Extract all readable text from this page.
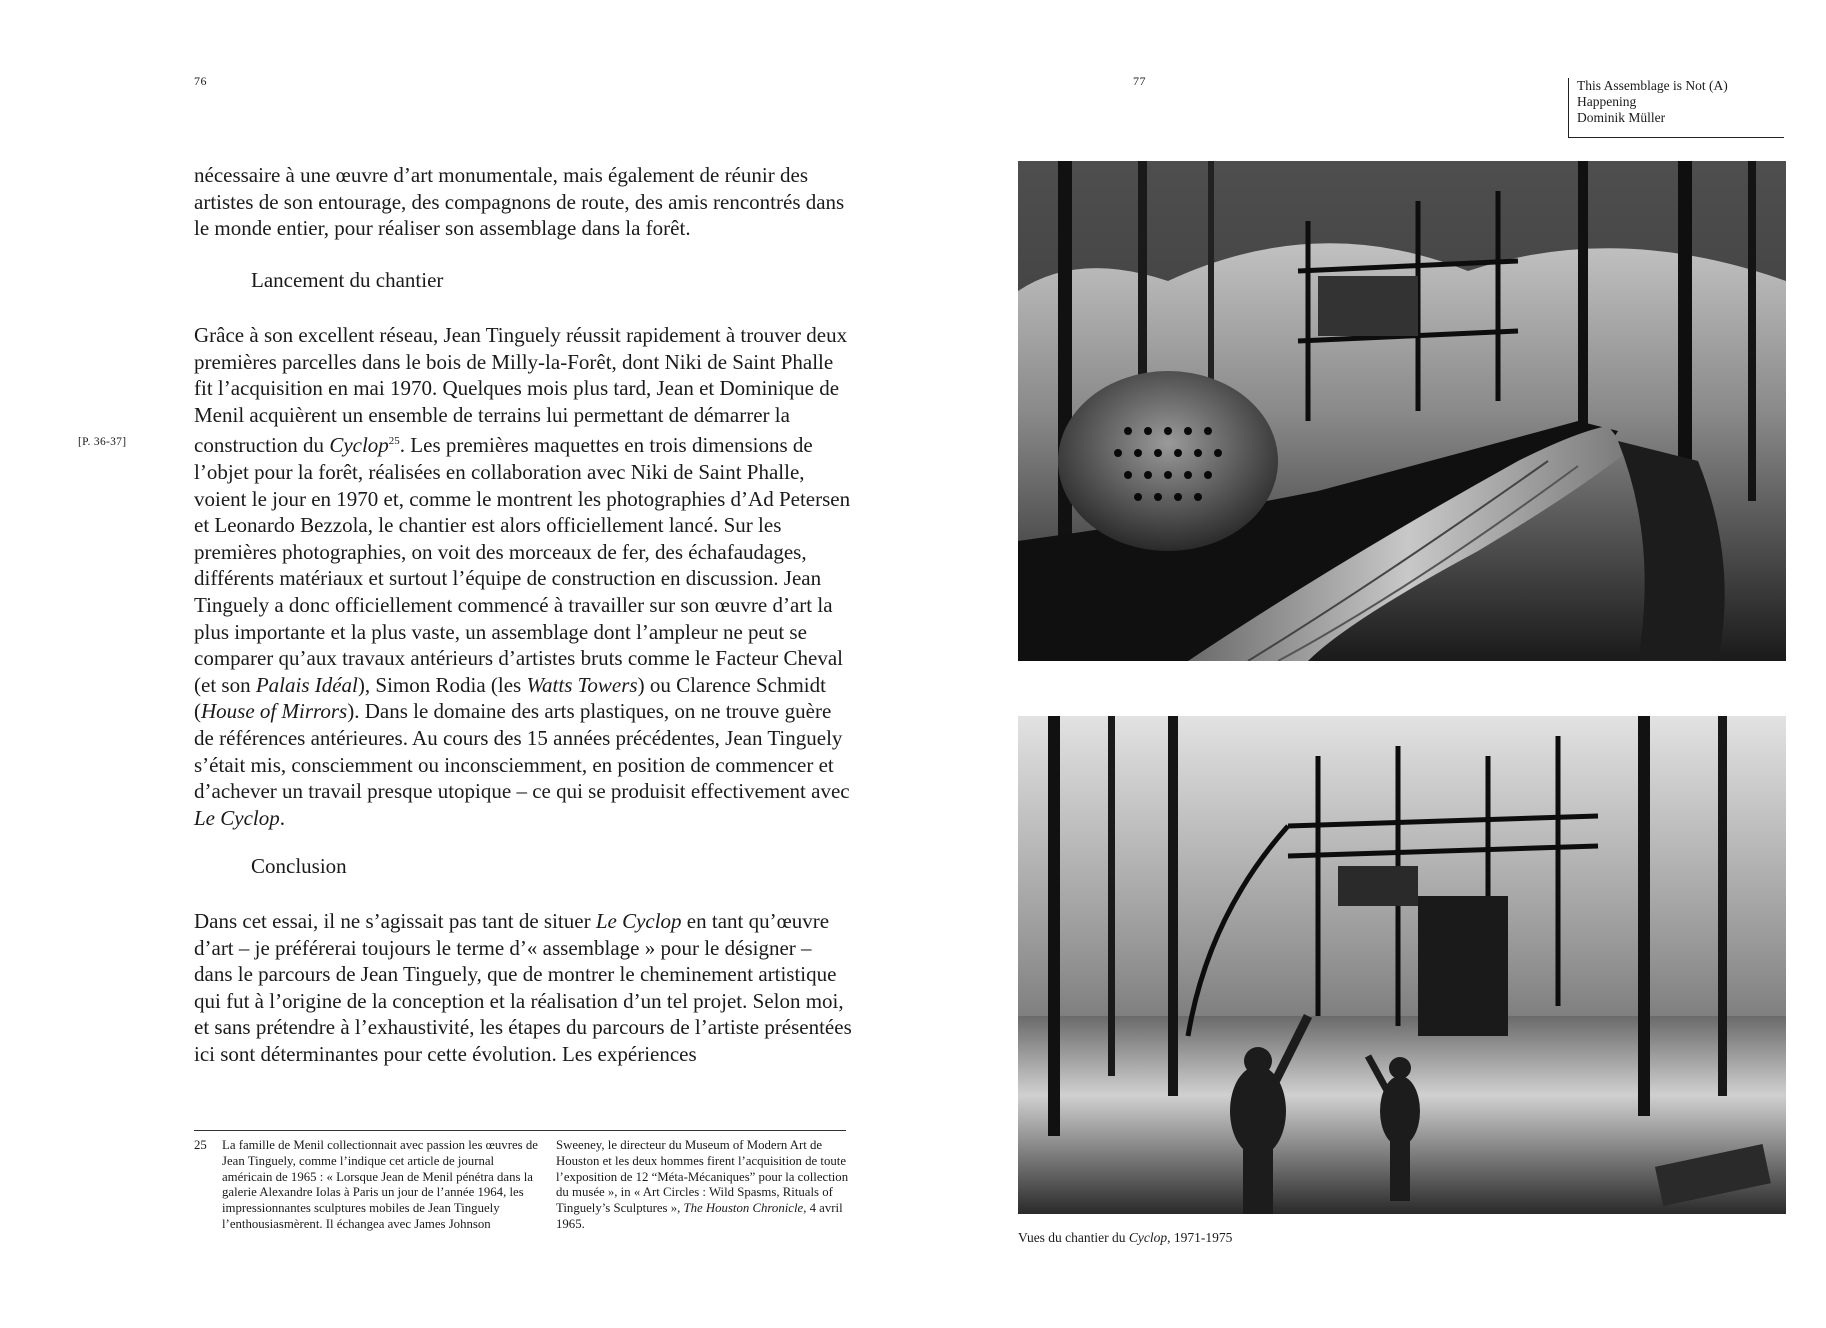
76
[P. 36-37]

nécessaire à une œuvre d’art monumentale, mais également de réunir des artistes de son entourage, des compagnons de route, des amis rencontrés dans le monde entier, pour réaliser son assemblage dans la forêt.

Lancement du chantier

Grâce à son excellent réseau, Jean Tinguely réussit rapidement à trouver deux premières parcelles dans le bois de Milly-la-Forêt, dont Niki de Saint Phalle fit l’acquisition en mai 1970. Quelques mois plus tard, Jean et Dominique de Menil acquièrent un ensemble de terrains lui permettant de démarrer la construction du Cyclop$^{25}$. Les premières maquettes en trois dimensions de l’objet pour la forêt, réalisées en collaboration avec Niki de Saint Phalle, voient le jour en 1970 et, comme le montrent les photographies d’Ad Petersen et Leonardo Bezzola, le chantier est alors officiellement lancé. Sur les premières photographies, on voit des morceaux de fer, des échafaudages, différents matériaux et surtout l’équipe de construction en discussion. Jean Tinguely a donc officiellement commencé à travailler sur son œuvre d’art la plus importante et la plus vaste, un assemblage dont l’ampleur ne peut se comparer qu’aux travaux antérieurs d’artistes bruts comme le Facteur Cheval (et son Palais Idéal), Simon Rodia (les Watts Towers) ou Clarence Schmidt (House of Mirrors). Dans le domaine des arts plastiques, on ne trouve guère de références antérieures. Au cours des 15 années précédentes, Jean Tinguely s’était mis, consciemment ou inconsciemment, en position de commencer et d’achever un travail presque utopique – ce qui se produisit effectivement avec Le Cyclop.

Conclusion

Dans cet essai, il ne s’agissait pas tant de situer Le Cyclop en tant qu’œuvre d’art – je préférerai toujours le terme d’« assemblage » pour le désigner – dans le parcours de Jean Tinguely, que de montrer le cheminement artistique qui fut à l’origine de la conception et la réalisation d’un tel projet. Selon moi, et sans prétendre à l’exhaustivité, les étapes du parcours de l’artiste présentées ici sont déterminantes pour cette évolution. Les expériences

25 La famille de Menil collectionnait avec passion les œuvres de Jean Tinguely, comme l’indique cet article de journal américain de 1965 : « Lorsque Jean de Menil pénétra dans la galerie Alexandre Iolas à Paris un jour de l’année 1964, les impressionnantes sculptures mobiles de Jean Tinguely l’enthousiasmèrent. Il échangea avec James Johnson
Sweeney, le directeur du Museum of Modern Art de Houston et les deux hommes firent l’acquisition de toute l’exposition de 12 “Méta-Mécaniques” pour la collection du musée », in « Art Circles : Wild Spasms, Rituals of Tinguely’s Sculptures », The Houston Chronicle, 4 avril 1965.
77	This Assemblage is Not (A) Happening
Dominik Müller
Vues du chantier du Cyclop, 1971-1975
